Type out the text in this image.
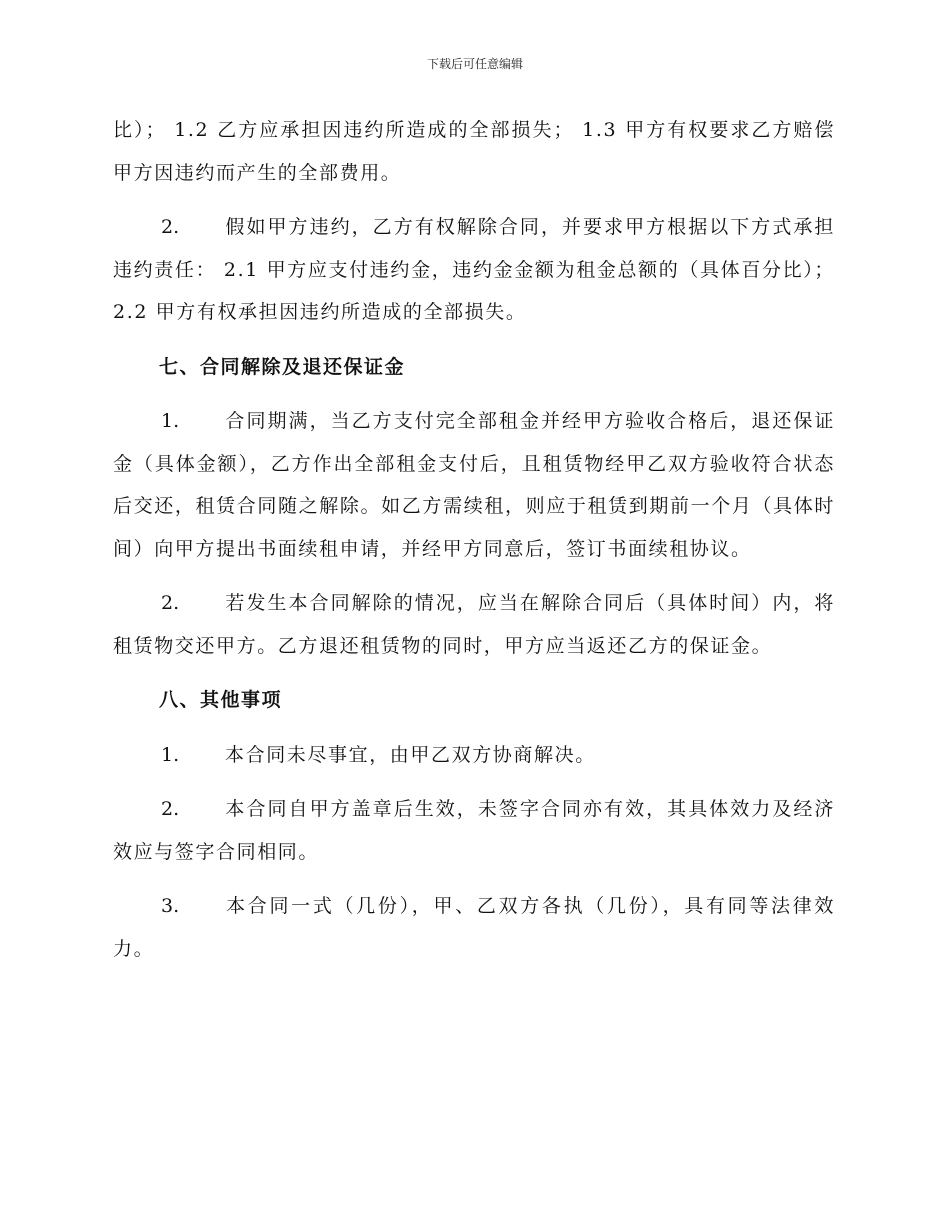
下载后可任意编辑

比）； 1.2 乙方应承担因违约所造成的全部损失； 1.3 甲方有权要求乙方赔偿甲方因违约而产生的全部费用。

2. 假如甲方违约，乙方有权解除合同，并要求甲方根据以下方式承担违约责任： 2.1 甲方应支付违约金，违约金金额为租金总额的（具体百分比）； 2.2 甲方有权承担因违约所造成的全部损失。

七、合同解除及退还保证金

1. 合同期满，当乙方支付完全部租金并经甲方验收合格后，退还保证金（具体金额），乙方作出全部租金支付后，且租赁物经甲乙双方验收符合状态后交还，租赁合同随之解除。如乙方需续租，则应于租赁到期前一个月（具体时间）向甲方提出书面续租申请，并经甲方同意后，签订书面续租协议。

2. 若发生本合同解除的情况，应当在解除合同后（具体时间）内，将租赁物交还甲方。乙方退还租赁物的同时，甲方应当返还乙方的保证金。

八、其他事项

1. 本合同未尽事宜，由甲乙双方协商解决。

2. 本合同自甲方盖章后生效，未签字合同亦有效，其具体效力及经济效应与签字合同相同。

3. 本合同一式（几份），甲、乙双方各执（几份），具有同等法律效力。
